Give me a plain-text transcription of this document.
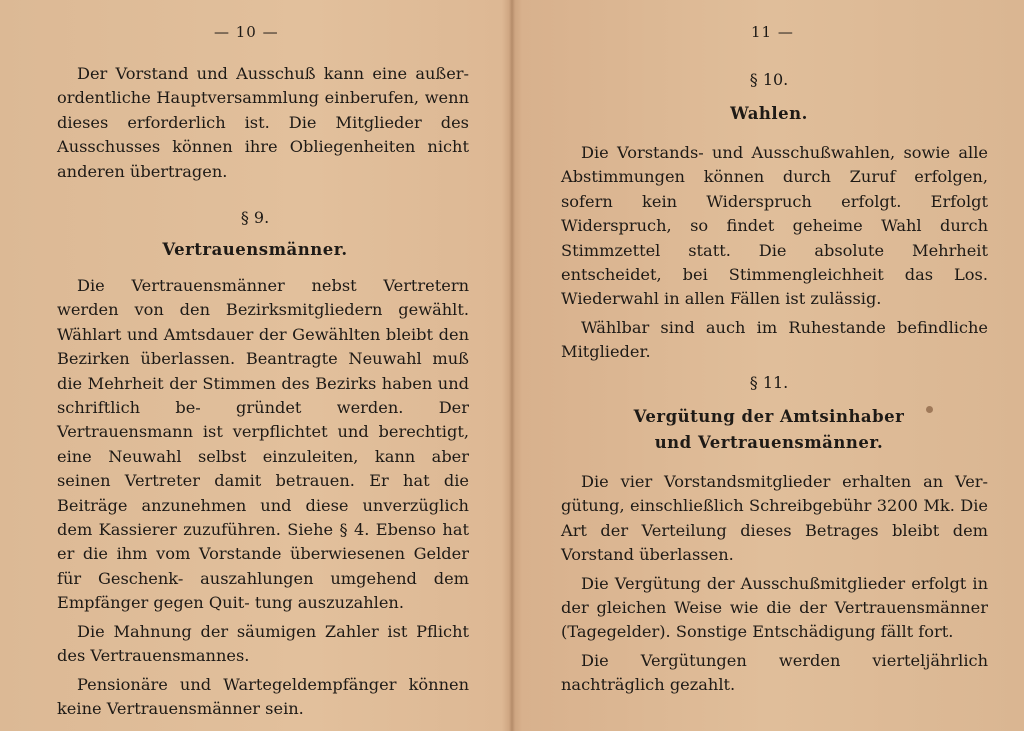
— 10 —

Der Vorstand und Ausschuß kann eine außer- ordentliche Hauptversammlung einberufen, wenn dieses erforderlich ist. Die Mitglieder des Ausschusses können ihre Obliegenheiten nicht anderen übertragen.

§ 9.
Vertrauensmänner.

Die Vertrauensmänner nebst Vertretern werden von den Bezirksmitgliedern gewählt. Wählart und Amtsdauer der Gewählten bleibt den Bezirken überlassen. Beantragte Neuwahl muß die Mehrheit der Stimmen des Bezirks haben und schriftlich be- gründet werden. Der Vertrauensmann ist verpflichtet und berechtigt, eine Neuwahl selbst einzuleiten, kann aber seinen Vertreter damit betrauen. Er hat die Beiträge anzunehmen und diese unverzüglich dem Kassierer zuzuführen. Siehe § 4. Ebenso hat er die ihm vom Vorstande überwiesenen Gelder für Geschenk- auszahlungen umgehend dem Empfänger gegen Quit- tung auszuzahlen.

Die Mahnung der säumigen Zahler ist Pflicht des Vertrauensmannes.

Pensionäre und Wartegeldempfänger können keine Vertrauensmänner sein.

11 —
§ 10.
Wahlen.

Die Vorstands- und Ausschußwahlen, sowie alle Abstimmungen können durch Zuruf erfolgen, sofern kein Widerspruch erfolgt. Erfolgt Widerspruch, so findet geheime Wahl durch Stimmzettel statt. Die absolute Mehrheit entscheidet, bei Stimmengleichheit das Los. Wiederwahl in allen Fällen ist zulässig.

Wählbar sind auch im Ruhestande befindliche Mitglieder.

§ 11.
Vergütung der Amtsinhaber
und Vertrauensmänner.

Die vier Vorstandsmitglieder erhalten an Ver- gütung, einschließlich Schreibgebühr 3200 Mk. Die Art der Verteilung dieses Betrages bleibt dem Vorstand überlassen.

Die Vergütung der Ausschußmitglieder erfolgt in der gleichen Weise wie die der Vertrauensmänner (Tagegelder). Sonstige Entschädigung fällt fort.

Die Vergütungen werden vierteljährlich nachträglich gezahlt.
